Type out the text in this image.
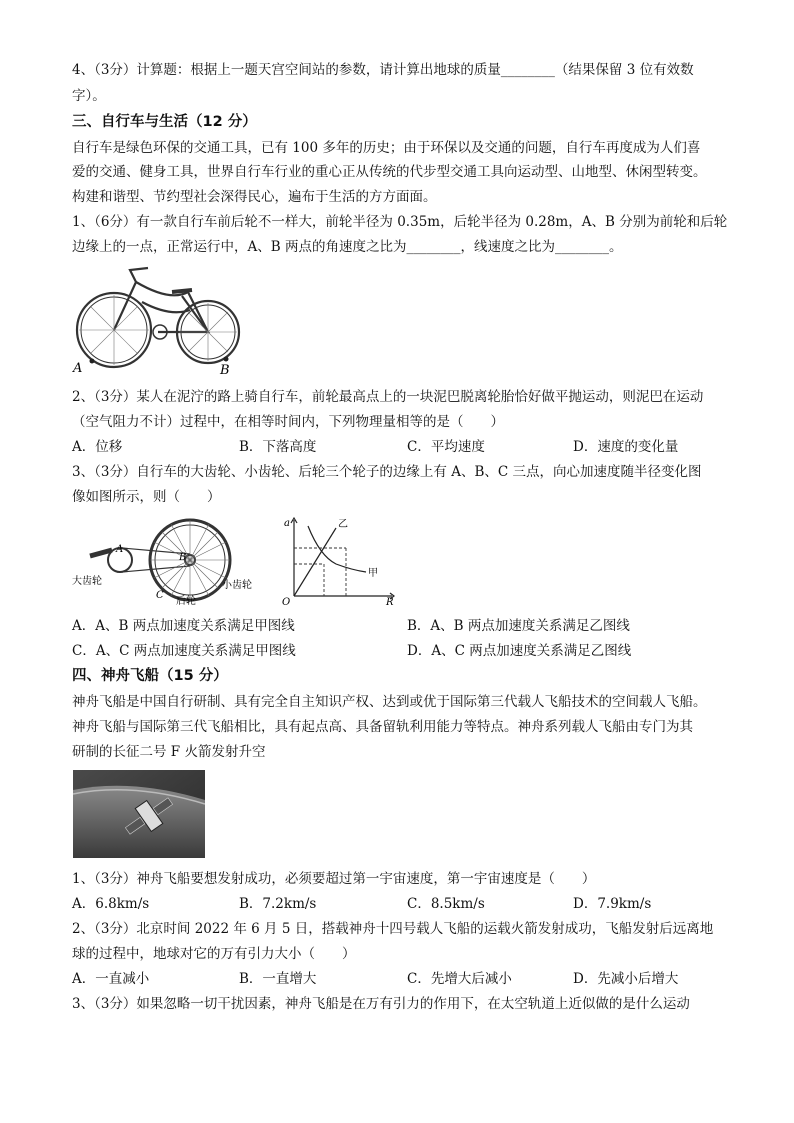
4、（3分）计算题：根据上一题天宫空间站的参数，请计算出地球的质量________（结果保留 3 位有效数
字）。
三、自行车与生活（12 分）
自行车是绿色环保的交通工具，已有 100 多年的历史；由于环保以及交通的问题，自行车再度成为人们喜
爱的交通、健身工具，世界自行车行业的重心正从传统的代步型交通工具向运动型、山地型、休闲型转变。
构建和谐型、节约型社会深得民心，遍布于生活的方方面面。
1、（6分）有一款自行车前后轮不一样大，前轮半径为 0.35m，后轮半径为 0.28m，A、B 分别为前轮和后轮
边缘上的一点，正常运行中，A、B 两点的角速度之比为________，线速度之比为________。
A	B
2、（3分）某人在泥泞的路上骑自行车，前轮最高点上的一块泥巴脱离轮胎恰好做平抛运动，则泥巴在运动
（空气阻力不计）过程中，在相等时间内，下列物理量相等的是（　　）
A．位移	B．下落高度	C．平均速度	D．速度的变化量
3、（3分）自行车的大齿轮、小齿轮、后轮三个轮子的边缘上有 A、B、C 三点，向心加速度随半径变化图
像如图所示，则（　　）
A
B
C
大齿轮	小齿轮
后轮
a
O	R
乙
甲
A．A、B 两点加速度关系满足甲图线	B．A、B 两点加速度关系满足乙图线
C．A、C 两点加速度关系满足甲图线	D．A、C 两点加速度关系满足乙图线
四、神舟飞船（15 分）
神舟飞船是中国自行研制、具有完全自主知识产权、达到或优于国际第三代载人飞船技术的空间载人飞船。
神舟飞船与国际第三代飞船相比，具有起点高、具备留轨利用能力等特点。神舟系列载人飞船由专门为其
研制的长征二号 F 火箭发射升空
1、（3分）神舟飞船要想发射成功，必须要超过第一宇宙速度，第一宇宙速度是（　　）
A．6.8km/s	B．7.2km/s	C．8.5km/s	D．7.9km/s
2、（3分）北京时间 2022 年 6 月 5 日，搭载神舟十四号载人飞船的运载火箭发射成功，飞船发射后远离地
球的过程中，地球对它的万有引力大小（　　）
A．一直减小	B．一直增大	C．先增大后减小	D．先减小后增大
3、（3分）如果忽略一切干扰因素，神舟飞船是在万有引力的作用下，在太空轨道上近似做的是什么运动
